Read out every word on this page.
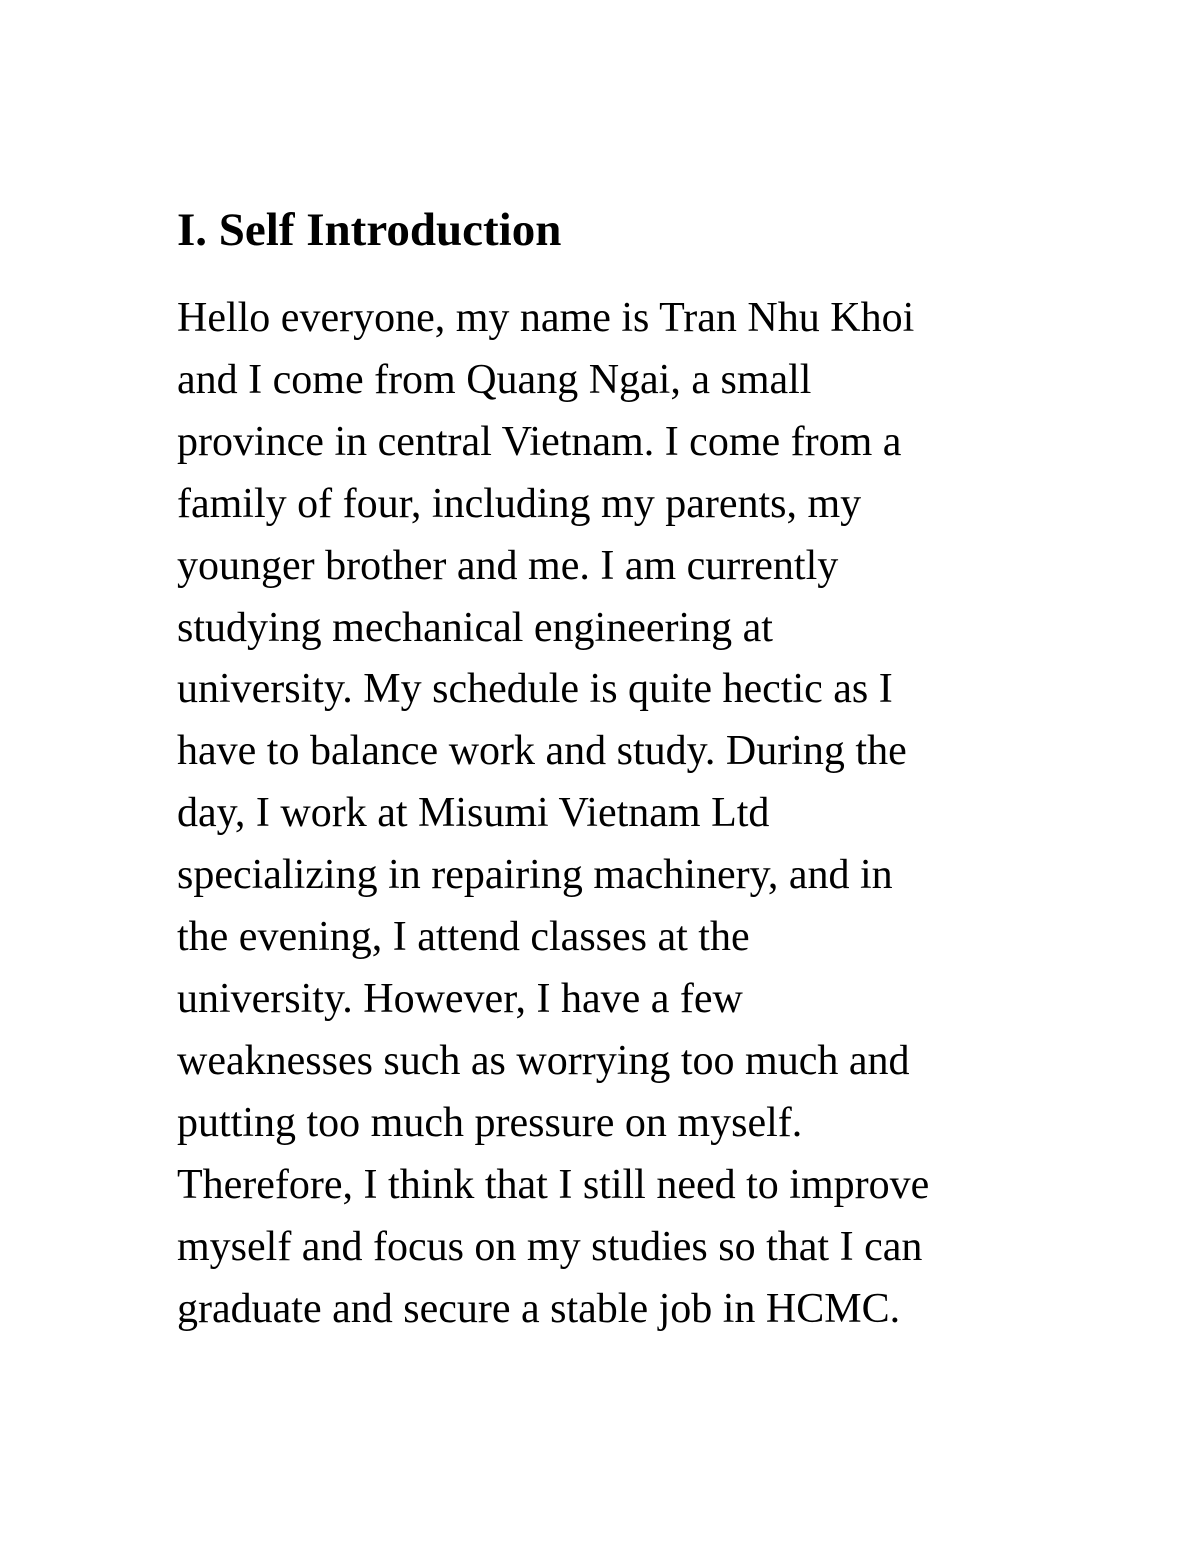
I. Self Introduction
Hello everyone, my name is Tran Nhu Khoi
and I come from Quang Ngai, a small
province in central Vietnam. I come from a
family of four, including my parents, my
younger brother and me. I am currently
studying mechanical engineering at
university. My schedule is quite hectic as I
have to balance work and study. During the
day, I work at Misumi Vietnam Ltd
specializing in repairing machinery, and in
the evening, I attend classes at the
university. However, I have a few
weaknesses such as worrying too much and
putting too much pressure on myself.
Therefore, I think that I still need to improve
myself and focus on my studies so that I can
graduate and secure a stable job in HCMC.
